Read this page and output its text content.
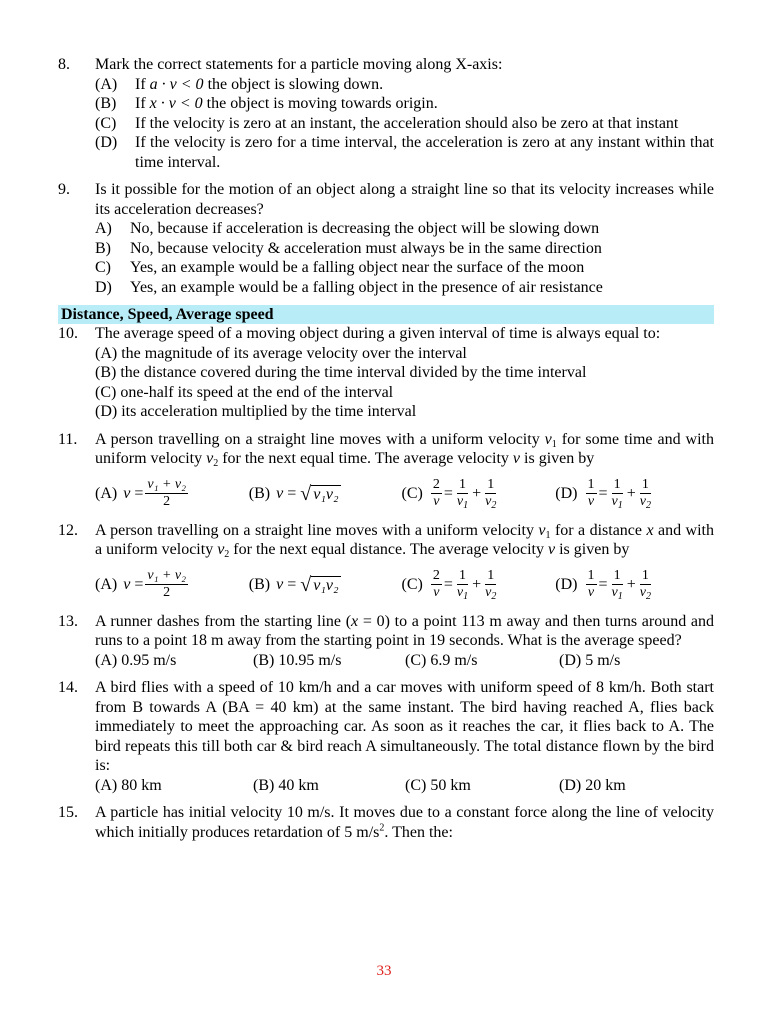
8.	Mark the correct statements for a particle moving along X-axis:
(A)	If a · v < 0 the object is slowing down.
(B)	If x · v < 0 the object is moving towards origin.
(C)	If the velocity is zero at an instant, the acceleration should also be zero at that instant
(D)	If the velocity is zero for a time interval, the acceleration is zero at any instant within that time interval.
9.	Is it possible for the motion of an object along a straight line so that its velocity increases while its acceleration decreases?
A)	No, because if acceleration is decreasing the object will be slowing down
B)	No, because velocity & acceleration must always be in the same direction
C)	Yes, an example would be a falling object near the surface of the moon
D)	Yes, an example would be a falling object in the presence of air resistance
Distance, Speed, Average speed
10.	The average speed of a moving object during a given interval of time is always equal to:
(A) the magnitude of its average velocity over the interval
(B) the distance covered during the time interval divided by the time interval
(C) one-half its speed at the end of the interval
(D) its acceleration multiplied by the time interval
11.	A person travelling on a straight line moves with a uniform velocity $v_1$ for some time and with uniform velocity $v_2$ for the next equal time. The average velocity v is given by
(A) v
= $\frac{\text{v₁ + v₂}}{2}$	(B) v
=
√ v₁v₂	$(C) \frac{2}{v} = \frac{1}{v_1} + \frac{1}{v_2}$	$(D) \frac{1}{v} = \frac{1}{v_1} + \frac{1}{v_2}$
12.	A person travelling on a straight line moves with a uniform velocity $v_1$ for a distance x and with a uniform velocity $v_2$ for the next equal distance. The average velocity v is given by
(A) v
= $\frac{\text{v₁ + v₂}}{2}$	(B) v
=
√ v₁v₂	$(C) \frac{2}{v} = \frac{1}{v_1} + \frac{1}{v_2}$	$(D) \frac{1}{v} = \frac{1}{v_1} + \frac{1}{v_2}$
13.	A runner dashes from the starting line (x = 0) to a point 113 m away and then turns around and runs to a point 18 m away from the starting point in 19 seconds. What is the average speed?
(A) 0.95 m/s	(B) 10.95 m/s	(C) 6.9 m/s	(D) 5 m/s
14.	A bird flies with a speed of 10 km/h and a car moves with uniform speed of 8 km/h. Both start from B towards A (BA = 40 km) at the same instant. The bird having reached A, flies back immediately to meet the approaching car. As soon as it reaches the car, it flies back to A. The bird repeats this till both car & bird reach A simultaneously. The total distance flown by the bird is:
(A) 80 km	(B) 40 km	(C) 50 km	(D) 20 km
15.	A particle has initial velocity 10 m/s. It moves due to a constant force along the line of velocity which initially produces retardation of 5 $m/s^2$. Then the:
33
